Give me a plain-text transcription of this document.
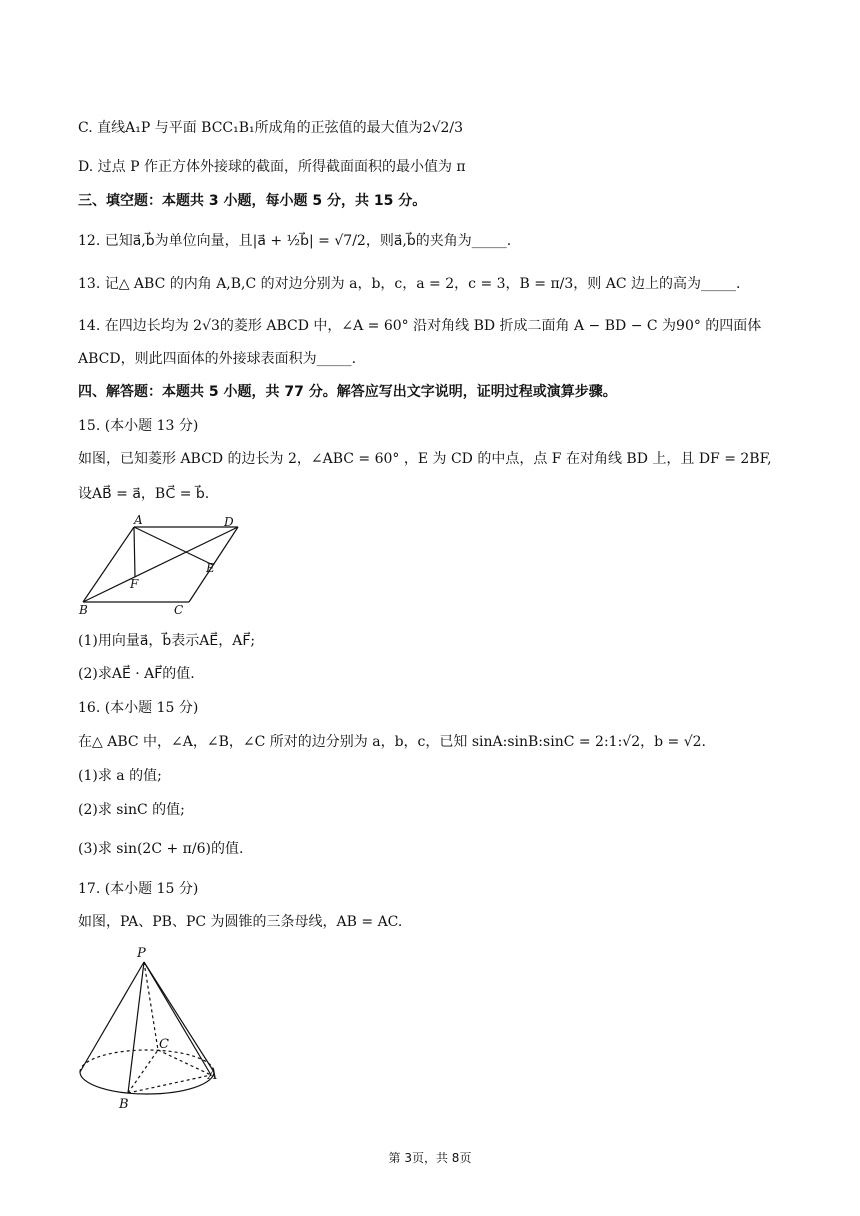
C. 直线A₁P 与平面 BCC₁B₁所成角的正弦值的最大值为2√2/3
D. 过点 P 作正方体外接球的截面，所得截面面积的最小值为 π
三、填空题：本题共 3 小题，每小题 5 分，共 15 分。
12. 已知a⃗,b⃗为单位向量，且|a⃗ + ½b⃗| = √7/2，则a⃗,b⃗的夹角为_____.
13. 记△ ABC 的内角 A,B,C 的对边分别为 a，b，c，a = 2，c = 3，B = π/3，则 AC 边上的高为_____.
14. 在四边长均为 2√3的菱形 ABCD 中，∠A = 60° 沿对角线 BD 折成二面角 A − BD − C 为90° 的四面体
ABCD，则此四面体的外接球表面积为_____.
四、解答题：本题共 5 小题，共 77 分。解答应写出文字说明，证明过程或演算步骤。
15. (本小题 13 分)
如图，已知菱形 ABCD 的边长为 2，∠ABC = 60° ，E 为 CD 的中点，点 F 在对角线 BD 上，且 DF = 2BF,
设AB⃗ = a⃗，BC⃗ = b⃗.
A	D
B	C
E
F
(1)用向量a⃗，b⃗表示AE⃗，AF⃗;
(2)求AE⃗ · AF⃗的值.
16. (本小题 15 分)
在△ ABC 中，∠A，∠B，∠C 所对的边分别为 a，b，c，已知 sinA:sinB:sinC = 2:1:√2，b = √2.
(1)求 a 的值;
(2)求 sinC 的值;
(3)求 sin(2C + π/6)的值.
17. (本小题 15 分)
如图，PA、PB、PC 为圆锥的三条母线，AB = AC.
P
C
A
B
第 3页，共 8页
